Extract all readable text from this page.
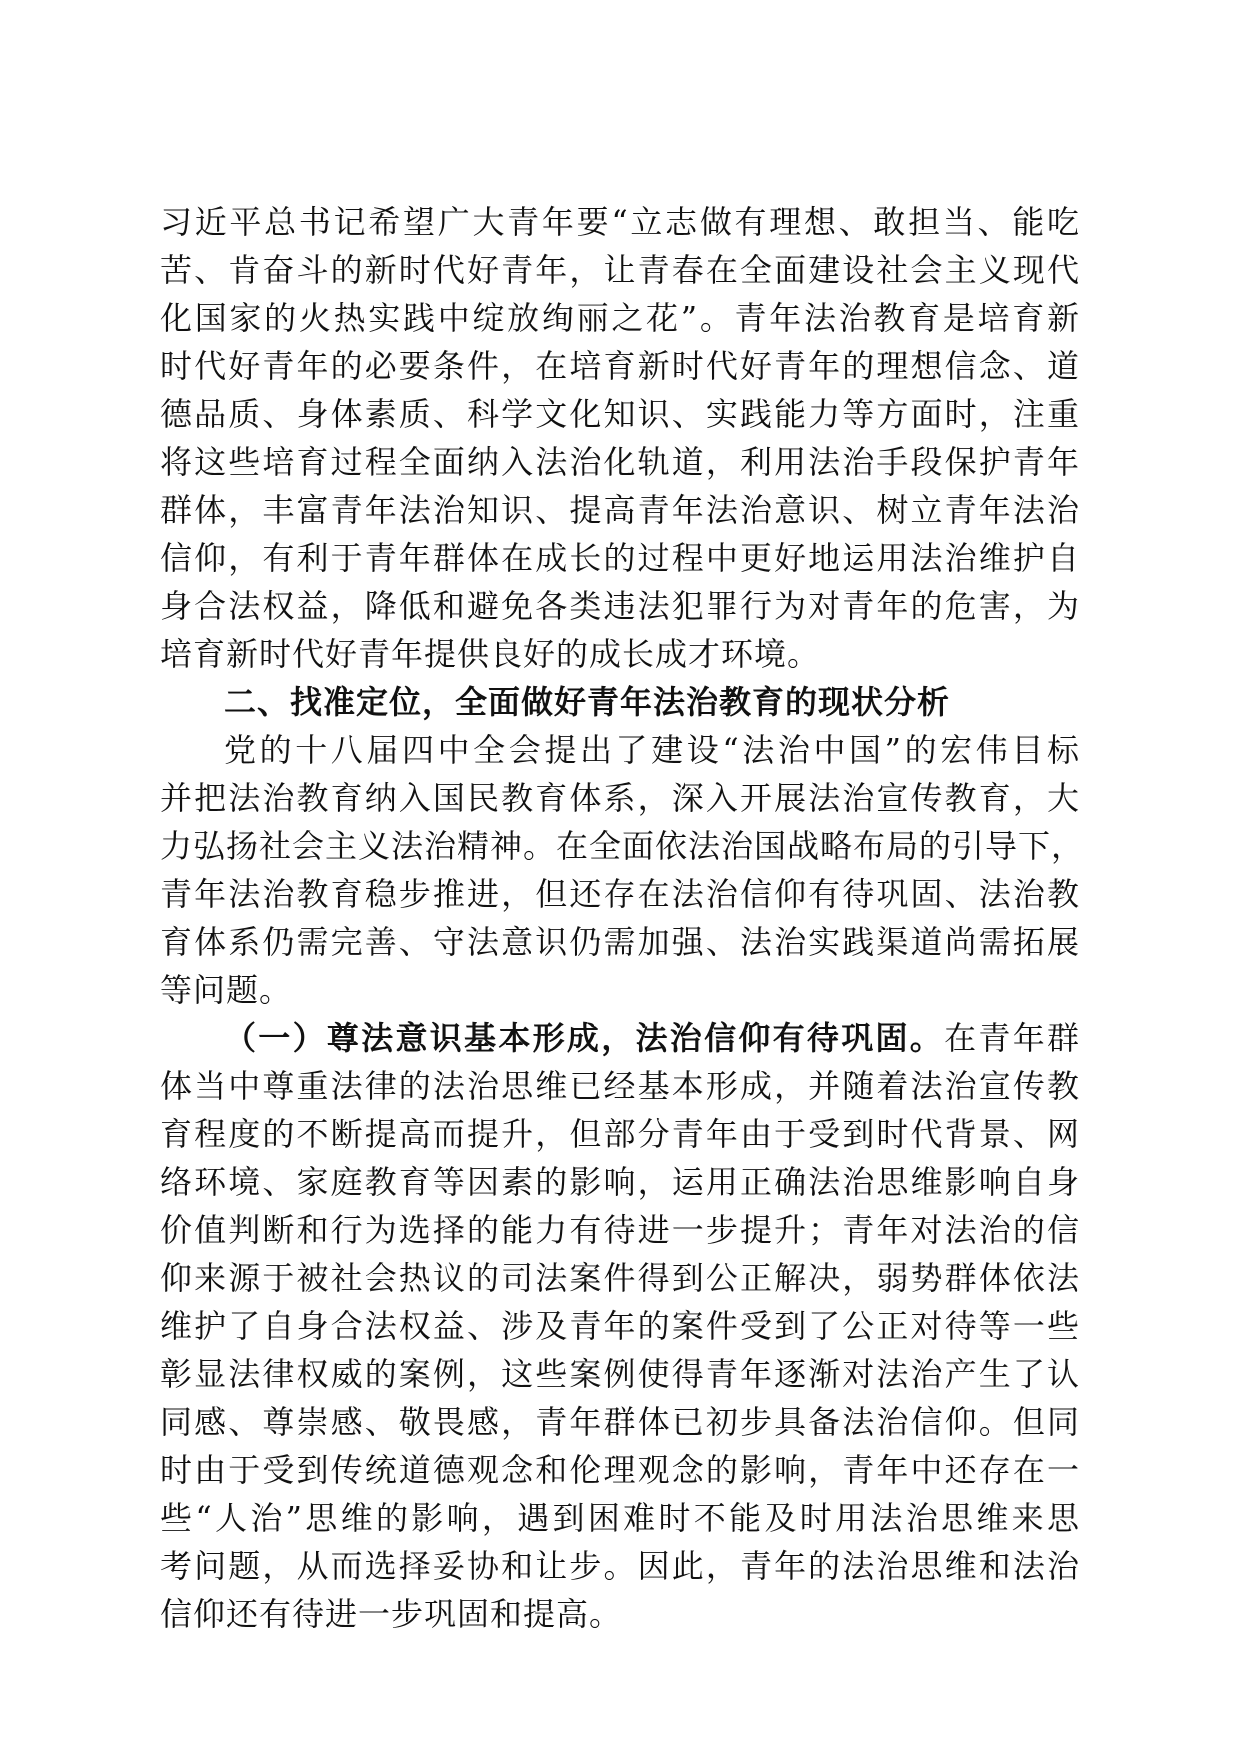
习近平总书记希望广大青年要“立志做有理想、敢担当、能吃
苦、肯奋斗的新时代好青年，让青春在全面建设社会主义现代
化国家的火热实践中绽放绚丽之花”。青年法治教育是培育新
时代好青年的必要条件，在培育新时代好青年的理想信念、道
德品质、身体素质、科学文化知识、实践能力等方面时，注重
将这些培育过程全面纳入法治化轨道，利用法治手段保护青年
群体，丰富青年法治知识、提高青年法治意识、树立青年法治
信仰，有利于青年群体在成长的过程中更好地运用法治维护自
身合法权益，降低和避免各类违法犯罪行为对青年的危害，为
培育新时代好青年提供良好的成长成才环境。
二、找准定位，全面做好青年法治教育的现状分析
党的十八届四中全会提出了建设“法治中国”的宏伟目标
并把法治教育纳入国民教育体系，深入开展法治宣传教育，大
力弘扬社会主义法治精神。在全面依法治国战略布局的引导下，
青年法治教育稳步推进，但还存在法治信仰有待巩固、法治教
育体系仍需完善、守法意识仍需加强、法治实践渠道尚需拓展
等问题。
（一）尊法意识基本形成，法治信仰有待巩固。在青年群
体当中尊重法律的法治思维已经基本形成，并随着法治宣传教
育程度的不断提高而提升，但部分青年由于受到时代背景、网
络环境、家庭教育等因素的影响，运用正确法治思维影响自身
价值判断和行为选择的能力有待进一步提升；青年对法治的信
仰来源于被社会热议的司法案件得到公正解决，弱势群体依法
维护了自身合法权益、涉及青年的案件受到了公正对待等一些
彰显法律权威的案例，这些案例使得青年逐渐对法治产生了认
同感、尊崇感、敬畏感，青年群体已初步具备法治信仰。但同
时由于受到传统道德观念和伦理观念的影响，青年中还存在一
些“人治”思维的影响，遇到困难时不能及时用法治思维来思
考问题，从而选择妥协和让步。因此，青年的法治思维和法治
信仰还有待进一步巩固和提高。
